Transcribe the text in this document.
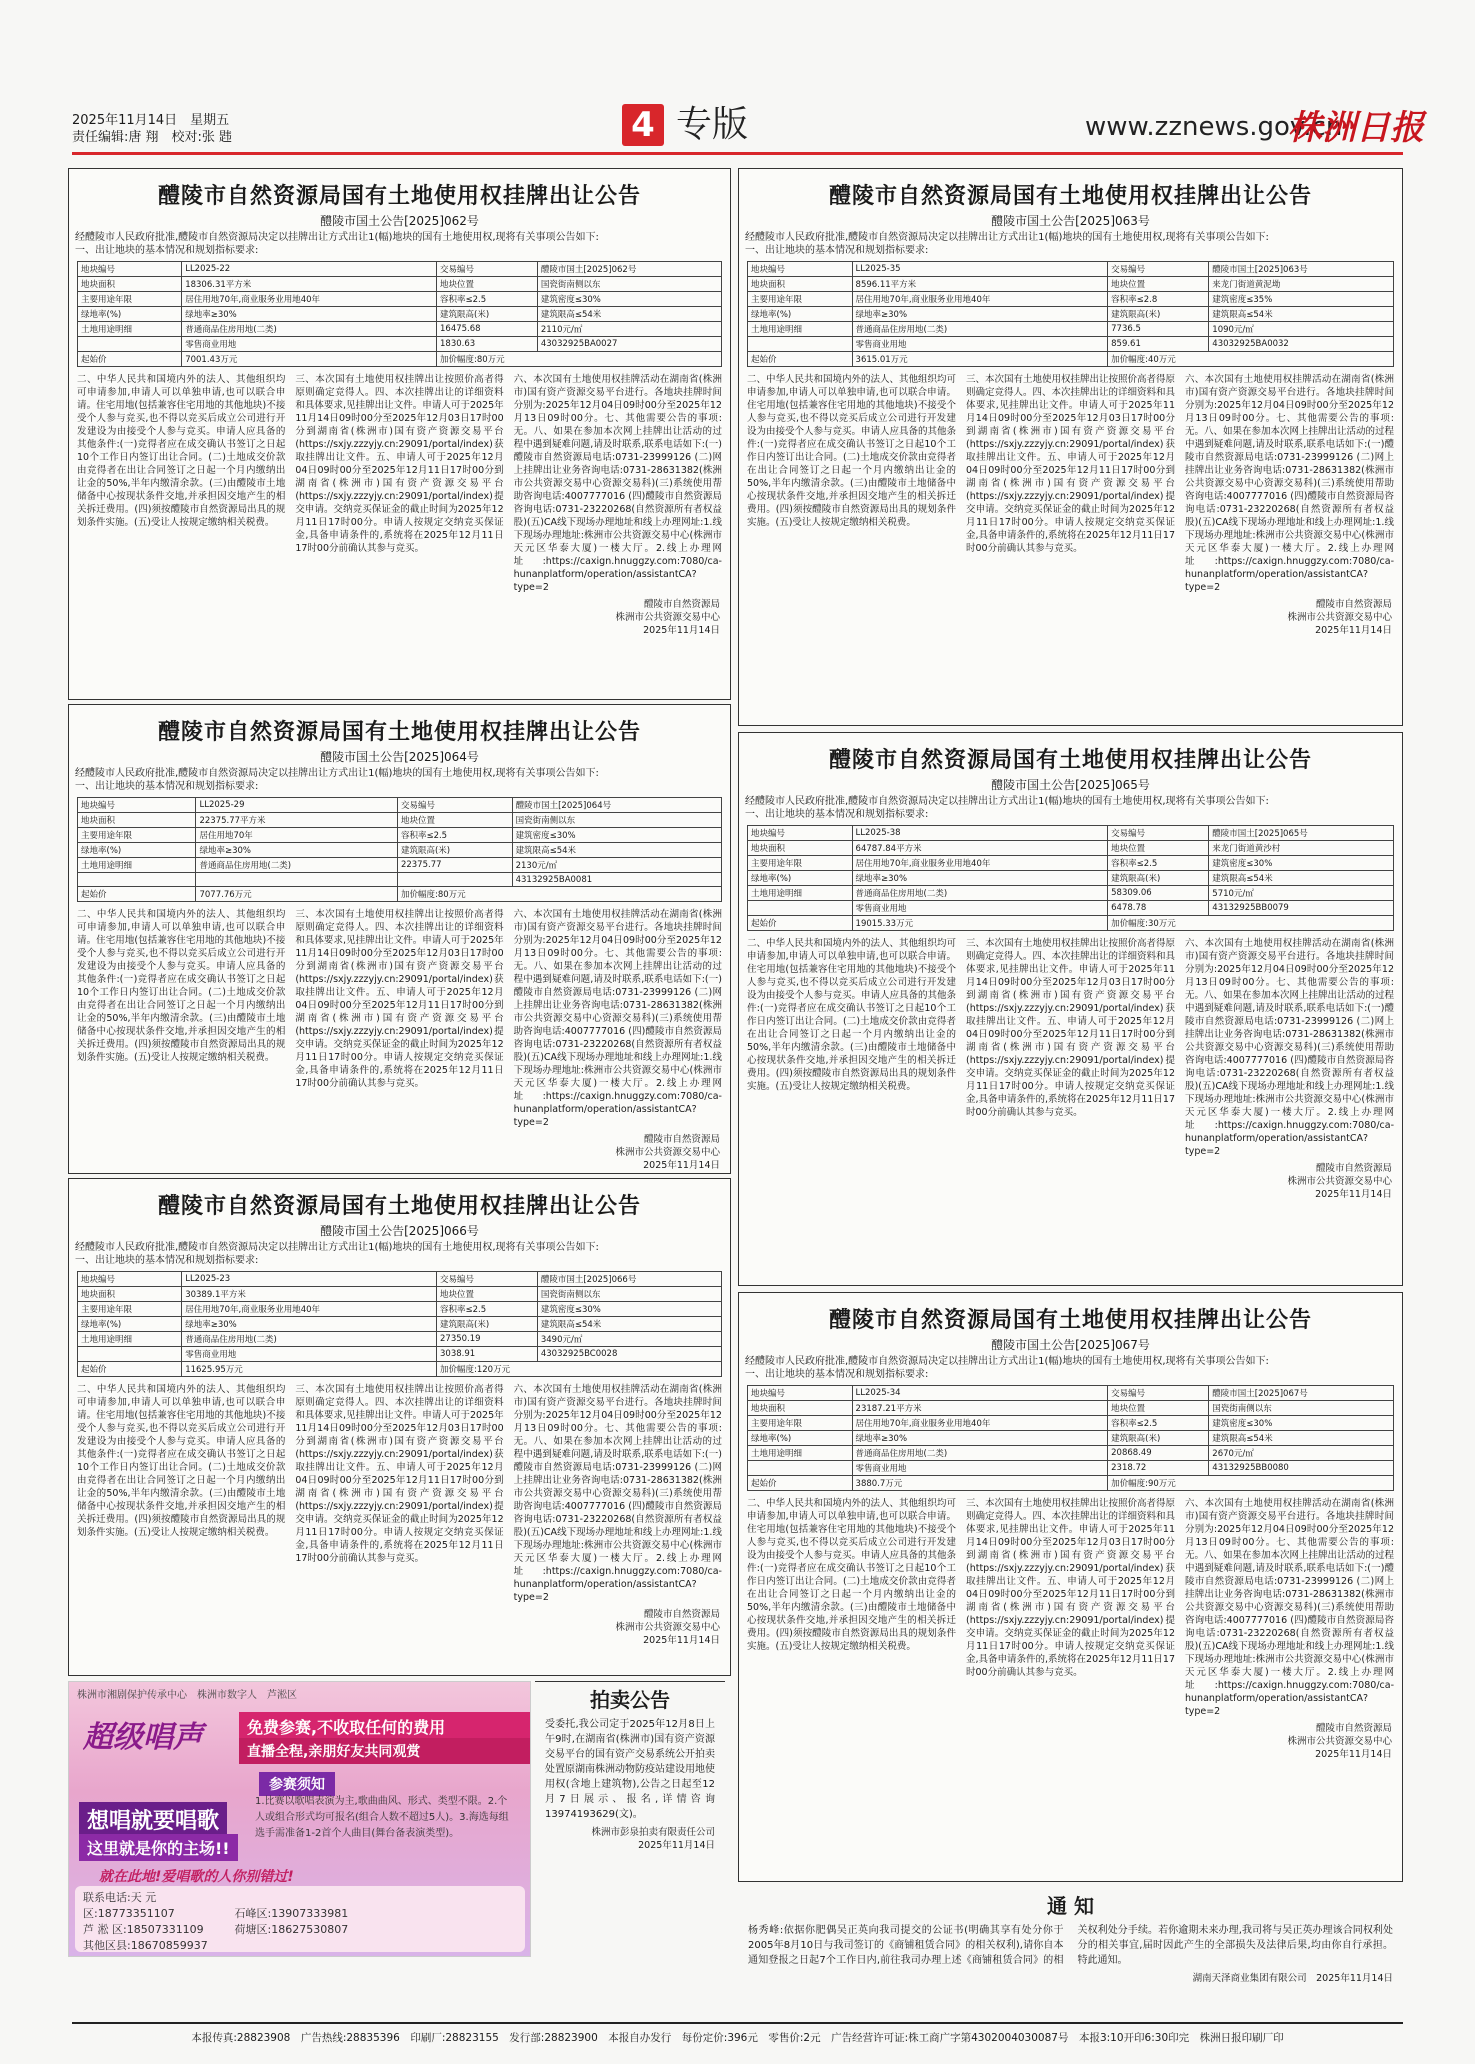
2025年11月14日　星期五
责任编辑:唐 翔　校对:张 韪	4 专版	www.zznews.gov.cn
株洲日报
醴陵市自然资源局国有土地使用权挂牌出让公告
醴陵市国土公告[2025]062号
经醴陵市人民政府批准,醴陵市自然资源局决定以挂牌出让方式出让1(幅)地块的国有土地使用权,现将有关事项公告如下:
一、出让地块的基本情况和规划指标要求:
地块编号	LL2025-22	交易编号	醴陵市国土[2025]062号
地块面积	18306.31平方米	地块位置	国瓷街南侧以东
主要用途年限	居住用地70年,商业服务业用地40年	容积率≤2.5	建筑密度≤30%
绿地率(%)	绿地率≥30%	建筑限高(米)	建筑限高≤54米
土地用途明细	普通商品住房用地(二类)	16475.68	2110元/㎡
	零售商业用地	1830.63	43032925BA0027
起始价	7001.43万元	加价幅度:80万元	

二、中华人民共和国境内外的法人、其他组织均可申请参加,申请人可以单独申请,也可以联合申请。住宅用地(包括兼容住宅用地的其他地块)不接受个人参与竞买,也不得以竞买后成立公司进行开发建设为由接受个人参与竞买。申请人应具备的其他条件:(一)竞得者应在成交确认书签订之日起10个工作日内签订出让合同。(二)土地成交价款由竞得者在出让合同签订之日起一个月内缴纳出让金的50%,半年内缴清余款。(三)由醴陵市土地储备中心按现状条件交地,并承担因交地产生的相关拆迁费用。(四)须按醴陵市自然资源局出具的规划条件实施。(五)受让人按规定缴纳相关税费。

三、本次国有土地使用权挂牌出让按照价高者得原则确定竞得人。四、本次挂牌出让的详细资料和具体要求,见挂牌出让文件。申请人可于2025年11月14日09时00分至2025年12月03日17时00分到湖南省(株洲市)国有资产资源交易平台(https://sxjy.zzzyjy.cn:29091/portal/index)获取挂牌出让文件。五、申请人可于2025年12月04日09时00分至2025年12月11日17时00分到湖南省(株洲市)国有资产资源交易平台(https://sxjy.zzzyjy.cn:29091/portal/index)提交申请。交纳竞买保证金的截止时间为2025年12月11日17时00分。申请人按规定交纳竞买保证金,具备申请条件的,系统将在2025年12月11日17时00分前确认其参与竞买。

六、本次国有土地使用权挂牌活动在湖南省(株洲市)国有资产资源交易平台进行。各地块挂牌时间分别为:2025年12月04日09时00分至2025年12月13日09时00分。七、其他需要公告的事项:无。八、如果在参加本次网上挂牌出让活动的过程中遇到疑难问题,请及时联系,联系电话如下:(一)醴陵市自然资源局电话:0731-23999126 (二)网上挂牌出让业务咨询电话:0731-28631382(株洲市公共资源交易中心资源交易科)(三)系统使用帮助咨询电话:4007777016 (四)醴陵市自然资源局咨询电话:0731-23220268(自然资源所有者权益股)(五)CA线下现场办理地址和线上办理网址:1.线下现场办理地址:株洲市公共资源交易中心(株洲市天元区华泰大厦)一楼大厅。2.线上办理网址:https://caxign.hnuggzy.com:7080/ca-hunanplatform/operation/assistantCA?type=2

醴陵市自然资源局
株洲市公共资源交易中心
2025年11月14日
醴陵市自然资源局国有土地使用权挂牌出让公告
醴陵市国土公告[2025]063号
经醴陵市人民政府批准,醴陵市自然资源局决定以挂牌出让方式出让1(幅)地块的国有土地使用权,现将有关事项公告如下:
一、出让地块的基本情况和规划指标要求:
地块编号	LL2025-35	交易编号	醴陵市国土[2025]063号
地块面积	8596.11平方米	地块位置	来龙门街道黄泥坳
主要用途年限	居住用地70年,商业服务业用地40年	容积率≤2.8	建筑密度≤35%
绿地率(%)	绿地率≥30%	建筑限高(米)	建筑限高≤54米
土地用途明细	普通商品住房用地(二类)	7736.5	1090元/㎡
	零售商业用地	859.61	43032925BA0032
起始价	3615.01万元	加价幅度:40万元	

二、中华人民共和国境内外的法人、其他组织均可申请参加,申请人可以单独申请,也可以联合申请。住宅用地(包括兼容住宅用地的其他地块)不接受个人参与竞买,也不得以竞买后成立公司进行开发建设为由接受个人参与竞买。申请人应具备的其他条件:(一)竞得者应在成交确认书签订之日起10个工作日内签订出让合同。(二)土地成交价款由竞得者在出让合同签订之日起一个月内缴纳出让金的50%,半年内缴清余款。(三)由醴陵市土地储备中心按现状条件交地,并承担因交地产生的相关拆迁费用。(四)须按醴陵市自然资源局出具的规划条件实施。(五)受让人按规定缴纳相关税费。

三、本次国有土地使用权挂牌出让按照价高者得原则确定竞得人。四、本次挂牌出让的详细资料和具体要求,见挂牌出让文件。申请人可于2025年11月14日09时00分至2025年12月03日17时00分到湖南省(株洲市)国有资产资源交易平台(https://sxjy.zzzyjy.cn:29091/portal/index)获取挂牌出让文件。五、申请人可于2025年12月04日09时00分至2025年12月11日17时00分到湖南省(株洲市)国有资产资源交易平台(https://sxjy.zzzyjy.cn:29091/portal/index)提交申请。交纳竞买保证金的截止时间为2025年12月11日17时00分。申请人按规定交纳竞买保证金,具备申请条件的,系统将在2025年12月11日17时00分前确认其参与竞买。

六、本次国有土地使用权挂牌活动在湖南省(株洲市)国有资产资源交易平台进行。各地块挂牌时间分别为:2025年12月04日09时00分至2025年12月13日09时00分。七、其他需要公告的事项:无。八、如果在参加本次网上挂牌出让活动的过程中遇到疑难问题,请及时联系,联系电话如下:(一)醴陵市自然资源局电话:0731-23999126 (二)网上挂牌出让业务咨询电话:0731-28631382(株洲市公共资源交易中心资源交易科)(三)系统使用帮助咨询电话:4007777016 (四)醴陵市自然资源局咨询电话:0731-23220268(自然资源所有者权益股)(五)CA线下现场办理地址和线上办理网址:1.线下现场办理地址:株洲市公共资源交易中心(株洲市天元区华泰大厦)一楼大厅。2.线上办理网址:https://caxign.hnuggzy.com:7080/ca-hunanplatform/operation/assistantCA?type=2

醴陵市自然资源局
株洲市公共资源交易中心
2025年11月14日
醴陵市自然资源局国有土地使用权挂牌出让公告
醴陵市国土公告[2025]064号
经醴陵市人民政府批准,醴陵市自然资源局决定以挂牌出让方式出让1(幅)地块的国有土地使用权,现将有关事项公告如下:
一、出让地块的基本情况和规划指标要求:
地块编号	LL2025-29	交易编号	醴陵市国土[2025]064号
地块面积	22375.77平方米	地块位置	国瓷街南侧以东
主要用途年限	居住用地70年	容积率≤2.5	建筑密度≤30%
绿地率(%)	绿地率≥30%	建筑限高(米)	建筑限高≤54米
土地用途明细	普通商品住房用地(二类)	22375.77	2130元/㎡
			43132925BA0081
起始价	7077.76万元	加价幅度:80万元	

二、中华人民共和国境内外的法人、其他组织均可申请参加,申请人可以单独申请,也可以联合申请。住宅用地(包括兼容住宅用地的其他地块)不接受个人参与竞买,也不得以竞买后成立公司进行开发建设为由接受个人参与竞买。申请人应具备的其他条件:(一)竞得者应在成交确认书签订之日起10个工作日内签订出让合同。(二)土地成交价款由竞得者在出让合同签订之日起一个月内缴纳出让金的50%,半年内缴清余款。(三)由醴陵市土地储备中心按现状条件交地,并承担因交地产生的相关拆迁费用。(四)须按醴陵市自然资源局出具的规划条件实施。(五)受让人按规定缴纳相关税费。

三、本次国有土地使用权挂牌出让按照价高者得原则确定竞得人。四、本次挂牌出让的详细资料和具体要求,见挂牌出让文件。申请人可于2025年11月14日09时00分至2025年12月03日17时00分到湖南省(株洲市)国有资产资源交易平台(https://sxjy.zzzyjy.cn:29091/portal/index)获取挂牌出让文件。五、申请人可于2025年12月04日09时00分至2025年12月11日17时00分到湖南省(株洲市)国有资产资源交易平台(https://sxjy.zzzyjy.cn:29091/portal/index)提交申请。交纳竞买保证金的截止时间为2025年12月11日17时00分。申请人按规定交纳竞买保证金,具备申请条件的,系统将在2025年12月11日17时00分前确认其参与竞买。

六、本次国有土地使用权挂牌活动在湖南省(株洲市)国有资产资源交易平台进行。各地块挂牌时间分别为:2025年12月04日09时00分至2025年12月13日09时00分。七、其他需要公告的事项:无。八、如果在参加本次网上挂牌出让活动的过程中遇到疑难问题,请及时联系,联系电话如下:(一)醴陵市自然资源局电话:0731-23999126 (二)网上挂牌出让业务咨询电话:0731-28631382(株洲市公共资源交易中心资源交易科)(三)系统使用帮助咨询电话:4007777016 (四)醴陵市自然资源局咨询电话:0731-23220268(自然资源所有者权益股)(五)CA线下现场办理地址和线上办理网址:1.线下现场办理地址:株洲市公共资源交易中心(株洲市天元区华泰大厦)一楼大厅。2.线上办理网址:https://caxign.hnuggzy.com:7080/ca-hunanplatform/operation/assistantCA?type=2

醴陵市自然资源局
株洲市公共资源交易中心
2025年11月14日
醴陵市自然资源局国有土地使用权挂牌出让公告
醴陵市国土公告[2025]065号
经醴陵市人民政府批准,醴陵市自然资源局决定以挂牌出让方式出让1(幅)地块的国有土地使用权,现将有关事项公告如下:
一、出让地块的基本情况和规划指标要求:
地块编号	LL2025-38	交易编号	醴陵市国土[2025]065号
地块面积	64787.84平方米	地块位置	来龙门街道黄沙村
主要用途年限	居住用地70年,商业服务业用地40年	容积率≤2.5	建筑密度≤30%
绿地率(%)	绿地率≥30%	建筑限高(米)	建筑限高≤54米
土地用途明细	普通商品住房用地(二类)	58309.06	5710元/㎡
	零售商业用地	6478.78	43132925BB0079
起始价	19015.33万元	加价幅度:30万元	

二、中华人民共和国境内外的法人、其他组织均可申请参加,申请人可以单独申请,也可以联合申请。住宅用地(包括兼容住宅用地的其他地块)不接受个人参与竞买,也不得以竞买后成立公司进行开发建设为由接受个人参与竞买。申请人应具备的其他条件:(一)竞得者应在成交确认书签订之日起10个工作日内签订出让合同。(二)土地成交价款由竞得者在出让合同签订之日起一个月内缴纳出让金的50%,半年内缴清余款。(三)由醴陵市土地储备中心按现状条件交地,并承担因交地产生的相关拆迁费用。(四)须按醴陵市自然资源局出具的规划条件实施。(五)受让人按规定缴纳相关税费。

三、本次国有土地使用权挂牌出让按照价高者得原则确定竞得人。四、本次挂牌出让的详细资料和具体要求,见挂牌出让文件。申请人可于2025年11月14日09时00分至2025年12月03日17时00分到湖南省(株洲市)国有资产资源交易平台(https://sxjy.zzzyjy.cn:29091/portal/index)获取挂牌出让文件。五、申请人可于2025年12月04日09时00分至2025年12月11日17时00分到湖南省(株洲市)国有资产资源交易平台(https://sxjy.zzzyjy.cn:29091/portal/index)提交申请。交纳竞买保证金的截止时间为2025年12月11日17时00分。申请人按规定交纳竞买保证金,具备申请条件的,系统将在2025年12月11日17时00分前确认其参与竞买。

六、本次国有土地使用权挂牌活动在湖南省(株洲市)国有资产资源交易平台进行。各地块挂牌时间分别为:2025年12月04日09时00分至2025年12月13日09时00分。七、其他需要公告的事项:无。八、如果在参加本次网上挂牌出让活动的过程中遇到疑难问题,请及时联系,联系电话如下:(一)醴陵市自然资源局电话:0731-23999126 (二)网上挂牌出让业务咨询电话:0731-28631382(株洲市公共资源交易中心资源交易科)(三)系统使用帮助咨询电话:4007777016 (四)醴陵市自然资源局咨询电话:0731-23220268(自然资源所有者权益股)(五)CA线下现场办理地址和线上办理网址:1.线下现场办理地址:株洲市公共资源交易中心(株洲市天元区华泰大厦)一楼大厅。2.线上办理网址:https://caxign.hnuggzy.com:7080/ca-hunanplatform/operation/assistantCA?type=2

醴陵市自然资源局
株洲市公共资源交易中心
2025年11月14日
醴陵市自然资源局国有土地使用权挂牌出让公告
醴陵市国土公告[2025]066号
经醴陵市人民政府批准,醴陵市自然资源局决定以挂牌出让方式出让1(幅)地块的国有土地使用权,现将有关事项公告如下:
一、出让地块的基本情况和规划指标要求:
地块编号	LL2025-23	交易编号	醴陵市国土[2025]066号
地块面积	30389.1平方米	地块位置	国瓷街南侧以东
主要用途年限	居住用地70年,商业服务业用地40年	容积率≤2.5	建筑密度≤30%
绿地率(%)	绿地率≥30%	建筑限高(米)	建筑限高≤54米
土地用途明细	普通商品住房用地(二类)	27350.19	3490元/㎡
	零售商业用地	3038.91	43032925BC0028
起始价	11625.95万元	加价幅度:120万元	

二、中华人民共和国境内外的法人、其他组织均可申请参加,申请人可以单独申请,也可以联合申请。住宅用地(包括兼容住宅用地的其他地块)不接受个人参与竞买,也不得以竞买后成立公司进行开发建设为由接受个人参与竞买。申请人应具备的其他条件:(一)竞得者应在成交确认书签订之日起10个工作日内签订出让合同。(二)土地成交价款由竞得者在出让合同签订之日起一个月内缴纳出让金的50%,半年内缴清余款。(三)由醴陵市土地储备中心按现状条件交地,并承担因交地产生的相关拆迁费用。(四)须按醴陵市自然资源局出具的规划条件实施。(五)受让人按规定缴纳相关税费。

三、本次国有土地使用权挂牌出让按照价高者得原则确定竞得人。四、本次挂牌出让的详细资料和具体要求,见挂牌出让文件。申请人可于2025年11月14日09时00分至2025年12月03日17时00分到湖南省(株洲市)国有资产资源交易平台(https://sxjy.zzzyjy.cn:29091/portal/index)获取挂牌出让文件。五、申请人可于2025年12月04日09时00分至2025年12月11日17时00分到湖南省(株洲市)国有资产资源交易平台(https://sxjy.zzzyjy.cn:29091/portal/index)提交申请。交纳竞买保证金的截止时间为2025年12月11日17时00分。申请人按规定交纳竞买保证金,具备申请条件的,系统将在2025年12月11日17时00分前确认其参与竞买。

六、本次国有土地使用权挂牌活动在湖南省(株洲市)国有资产资源交易平台进行。各地块挂牌时间分别为:2025年12月04日09时00分至2025年12月13日09时00分。七、其他需要公告的事项:无。八、如果在参加本次网上挂牌出让活动的过程中遇到疑难问题,请及时联系,联系电话如下:(一)醴陵市自然资源局电话:0731-23999126 (二)网上挂牌出让业务咨询电话:0731-28631382(株洲市公共资源交易中心资源交易科)(三)系统使用帮助咨询电话:4007777016 (四)醴陵市自然资源局咨询电话:0731-23220268(自然资源所有者权益股)(五)CA线下现场办理地址和线上办理网址:1.线下现场办理地址:株洲市公共资源交易中心(株洲市天元区华泰大厦)一楼大厅。2.线上办理网址:https://caxign.hnuggzy.com:7080/ca-hunanplatform/operation/assistantCA?type=2

醴陵市自然资源局
株洲市公共资源交易中心
2025年11月14日
醴陵市自然资源局国有土地使用权挂牌出让公告
醴陵市国土公告[2025]067号
经醴陵市人民政府批准,醴陵市自然资源局决定以挂牌出让方式出让1(幅)地块的国有土地使用权,现将有关事项公告如下:
一、出让地块的基本情况和规划指标要求:
地块编号	LL2025-34	交易编号	醴陵市国土[2025]067号
地块面积	23187.21平方米	地块位置	国瓷街南侧以东
主要用途年限	居住用地70年,商业服务业用地40年	容积率≤2.5	建筑密度≤30%
绿地率(%)	绿地率≥30%	建筑限高(米)	建筑限高≤54米
土地用途明细	普通商品住房用地(二类)	20868.49	2670元/㎡
	零售商业用地	2318.72	43132925BB0080
起始价	3880.7万元	加价幅度:90万元	

二、中华人民共和国境内外的法人、其他组织均可申请参加,申请人可以单独申请,也可以联合申请。住宅用地(包括兼容住宅用地的其他地块)不接受个人参与竞买,也不得以竞买后成立公司进行开发建设为由接受个人参与竞买。申请人应具备的其他条件:(一)竞得者应在成交确认书签订之日起10个工作日内签订出让合同。(二)土地成交价款由竞得者在出让合同签订之日起一个月内缴纳出让金的50%,半年内缴清余款。(三)由醴陵市土地储备中心按现状条件交地,并承担因交地产生的相关拆迁费用。(四)须按醴陵市自然资源局出具的规划条件实施。(五)受让人按规定缴纳相关税费。

三、本次国有土地使用权挂牌出让按照价高者得原则确定竞得人。四、本次挂牌出让的详细资料和具体要求,见挂牌出让文件。申请人可于2025年11月14日09时00分至2025年12月03日17时00分到湖南省(株洲市)国有资产资源交易平台(https://sxjy.zzzyjy.cn:29091/portal/index)获取挂牌出让文件。五、申请人可于2025年12月04日09时00分至2025年12月11日17时00分到湖南省(株洲市)国有资产资源交易平台(https://sxjy.zzzyjy.cn:29091/portal/index)提交申请。交纳竞买保证金的截止时间为2025年12月11日17时00分。申请人按规定交纳竞买保证金,具备申请条件的,系统将在2025年12月11日17时00分前确认其参与竞买。

六、本次国有土地使用权挂牌活动在湖南省(株洲市)国有资产资源交易平台进行。各地块挂牌时间分别为:2025年12月04日09时00分至2025年12月13日09时00分。七、其他需要公告的事项:无。八、如果在参加本次网上挂牌出让活动的过程中遇到疑难问题,请及时联系,联系电话如下:(一)醴陵市自然资源局电话:0731-23999126 (二)网上挂牌出让业务咨询电话:0731-28631382(株洲市公共资源交易中心资源交易科)(三)系统使用帮助咨询电话:4007777016 (四)醴陵市自然资源局咨询电话:0731-23220268(自然资源所有者权益股)(五)CA线下现场办理地址和线上办理网址:1.线下现场办理地址:株洲市公共资源交易中心(株洲市天元区华泰大厦)一楼大厅。2.线上办理网址:https://caxign.hnuggzy.com:7080/ca-hunanplatform/operation/assistantCA?type=2

醴陵市自然资源局
株洲市公共资源交易中心
2025年11月14日
株洲市湘剧保护传承中心　株洲市数字人　芦淞区
超级唱声	免费参赛,不收取任何的费用
直播全程,亲朋好友共同观赏
参赛须知
1.比赛以歌唱表演为主,歌曲曲风、形式、类型不限。2.个人或组合形式均可报名(组合人数不超过5人)。3.海选每组选手需准备1-2首个人曲目(舞台备表演类型)。
想唱就要唱歌
这里就是你的主场!!
就在此地!爱唱歌的人你别错过!
联系电话:天 元 区:18773351107	石峰区:13907333981
芦 淞 区:18507331109	荷塘区:18627530807
其他区县:18670859937
拍卖公告
受委托,我公司定于2025年12月8日上午9时,在湖南省(株洲市)国有资产资源交易平台的国有资产交易系统公开拍卖处置原湖南株洲动物防疫站建设用地使用权(含地上建筑物),公告之日起至12月7日展示、报名,详情咨询13974193629(文)。
株洲市彭泉拍卖有限责任公司
2025年11月14日
通 知
杨秀峰:依据你肥偶吴正英向我司提交的公证书(明确其享有处分你于2005年8月10日与我司签订的《商铺租赁合同》的相关权利),请你自本通知登报之日起7个工作日内,前往我司办理上述《商铺租赁合同》的相关权利处分手续。若你逾期未来办理,我司将与吴正英办理该合同权利处分的相关事宜,届时因此产生的全部损失及法律后果,均由你自行承担。特此通知。
湖南天泽商业集团有限公司　 2025年11月14日
本报传真:28823908　广告热线:28835396　印刷厂:28823155　发行部:28823900　本报自办发行　每份定价:396元　零售价:2元　广告经营许可证:株工商广字第4302004030087号　本报3:10开印6:30印完　株洲日报印刷厂印
